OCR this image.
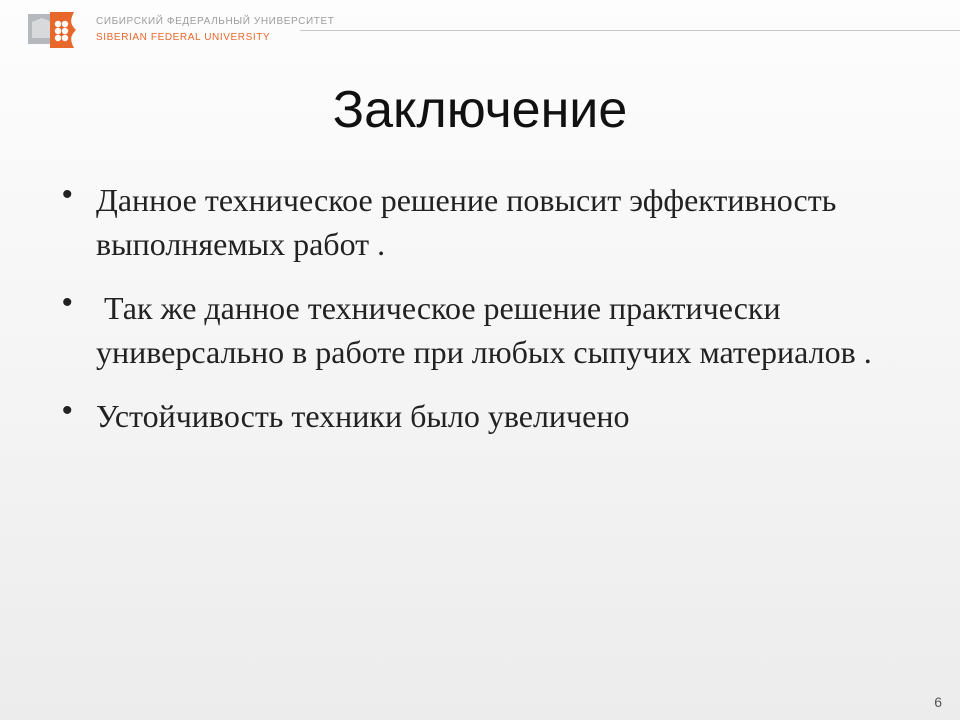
СИБИРСКИЙ ФЕДЕРАЛЬНЫЙ УНИВЕРСИТЕТ
SIBERIAN FEDERAL UNIVERSITY
Заключение
• Данное техническое решение повысит эффективность выполняемых работ .
• Так же данное техническое решение практически универсально в работе при любых сыпучих материалов .
• Устойчивость техники было увеличено
6
